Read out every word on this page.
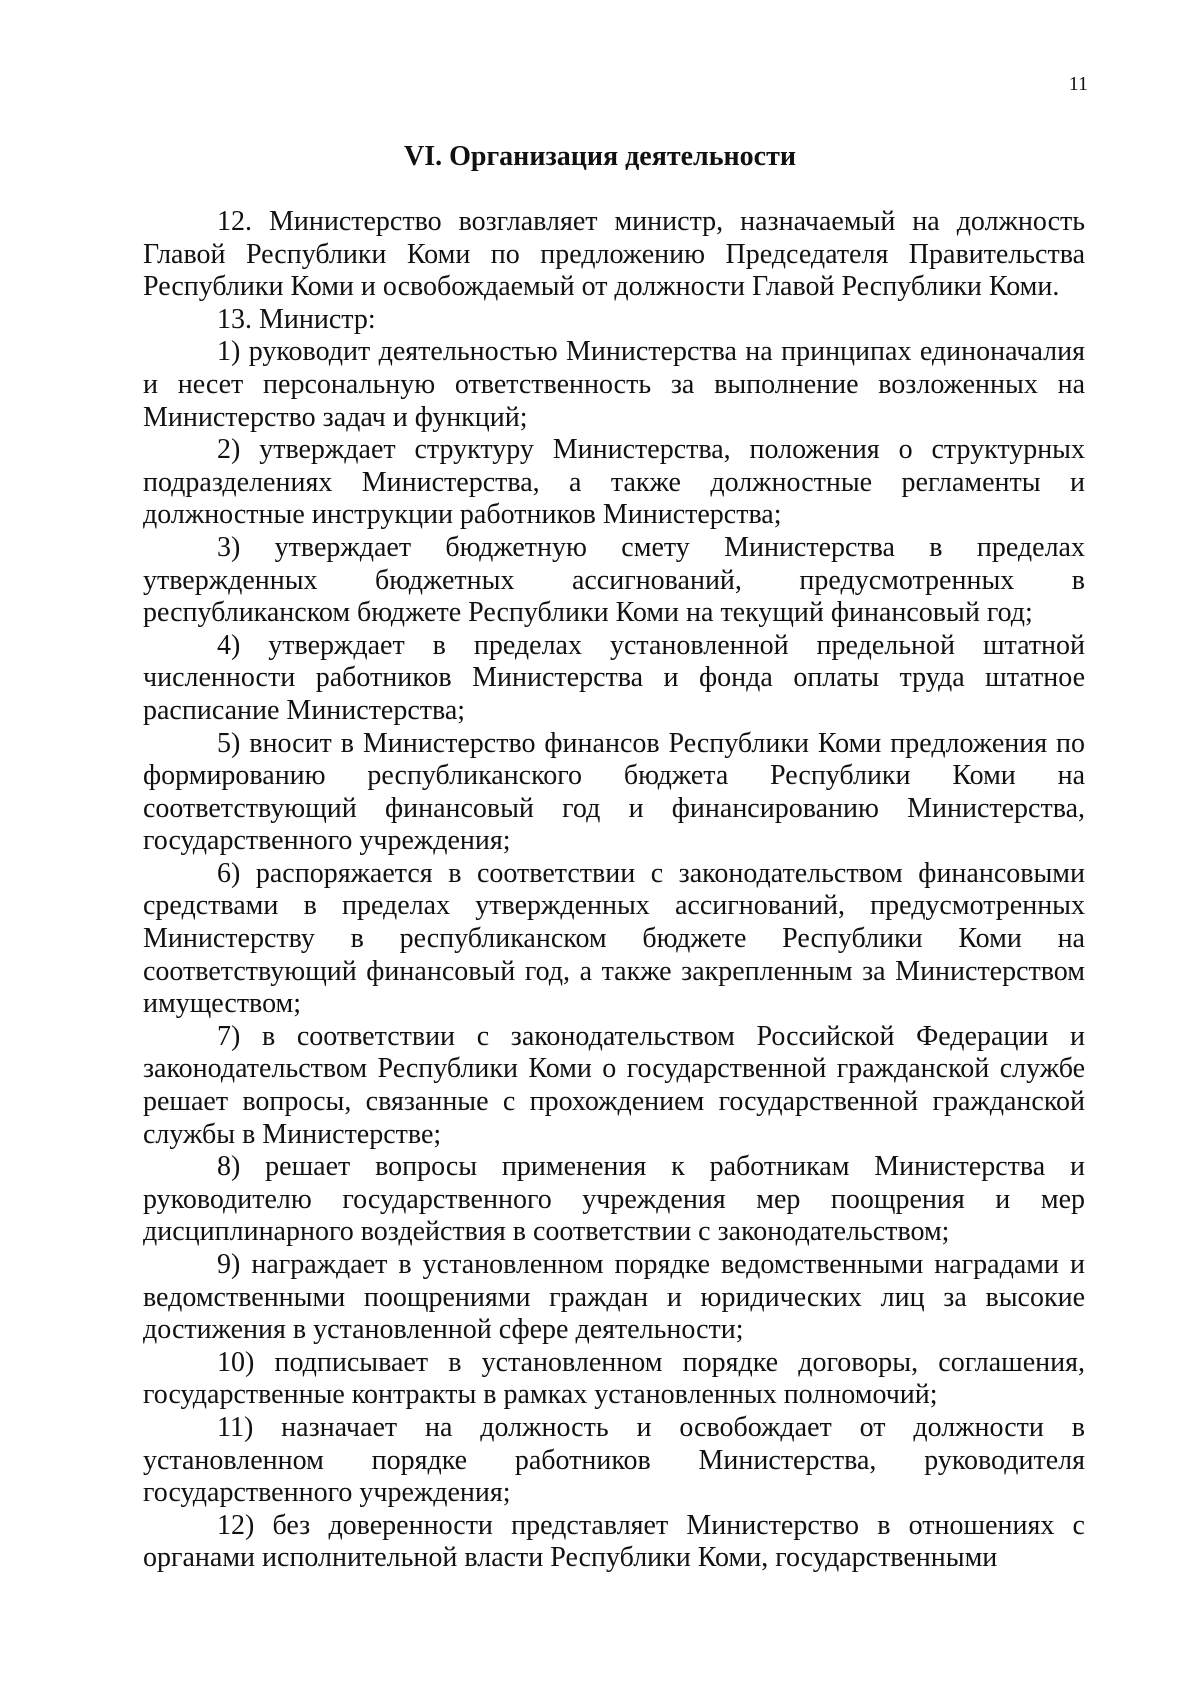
11
VI. Организация деятельности

12. Министерство возглавляет министр, назначаемый на должность Главой Республики Коми по предложению Председателя Правительства Республики Коми и освобождаемый от должности Главой Республики Коми.

13. Министр:

1) руководит деятельностью Министерства на принципах единоначалия и несет персональную ответственность за выполнение возложенных на Министерство задач и функций;

2) утверждает структуру Министерства, положения о структурных подразделениях Министерства, а также должностные регламенты и должностные инструкции работников Министерства;

3) утверждает бюджетную смету Министерства в пределах утвержденных бюджетных ассигнований, предусмотренных в республиканском бюджете Республики Коми на текущий финансовый год;

4) утверждает в пределах установленной предельной штатной численности работников Министерства и фонда оплаты труда штатное расписание Министерства;

5) вносит в Министерство финансов Республики Коми предложения по формированию республиканского бюджета Республики Коми на соответствующий финансовый год и финансированию Министерства, государственного учреждения;

6) распоряжается в соответствии с законодательством финансовыми средствами в пределах утвержденных ассигнований, предусмотренных Министерству в республиканском бюджете Республики Коми на соответствующий финансовый год, а также закрепленным за Министерством имуществом;

7) в соответствии с законодательством Российской Федерации и законодательством Республики Коми о государственной гражданской службе решает вопросы, связанные с прохождением государственной гражданской службы в Министерстве;

8) решает вопросы применения к работникам Министерства и руководителю государственного учреждения мер поощрения и мер дисциплинарного воздействия в соответствии с законодательством;

9) награждает в установленном порядке ведомственными наградами и ведомственными поощрениями граждан и юридических лиц за высокие достижения в установленной сфере деятельности;

10) подписывает в установленном порядке договоры, соглашения, государственные контракты в рамках установленных полномочий;

11) назначает на должность и освобождает от должности в установленном порядке работников Министерства, руководителя государственного учреждения;

12) без доверенности представляет Министерство в отношениях с органами исполнительной власти Республики Коми, государственными
